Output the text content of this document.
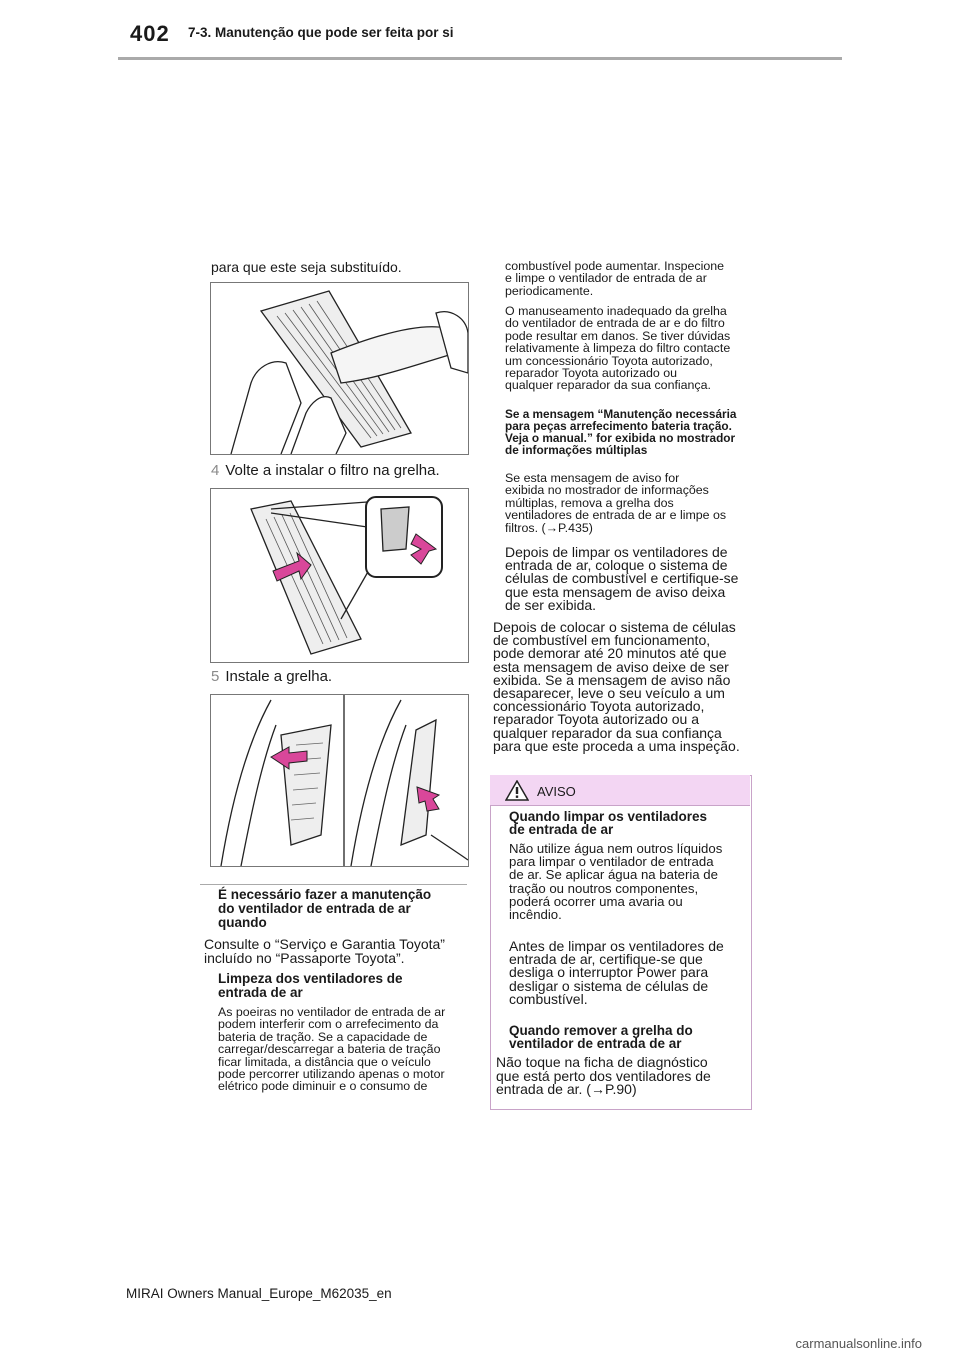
402 7-3. Manutenção que pode ser feita por si
para que este seja substituído.
4 Volte a instalar o filtro na grelha.
5 Instale a grelha.
É necessário fazer a manutenção
do ventilador de entrada de ar
quando
Consulte o “Serviço e Garantia Toyota”
incluído no “Passaporte Toyota”.
Limpeza dos ventiladores de
entrada de ar
As poeiras no ventilador de entrada de ar
podem interferir com o arrefecimento da
bateria de tração. Se a capacidade de
carregar/descarregar a bateria de tração
ficar limitada, a distância que o veículo
pode percorrer utilizando apenas o motor
elétrico pode diminuir e o consumo de
combustível pode aumentar. Inspecione
e limpe o ventilador de entrada de ar
periodicamente.
O manuseamento inadequado da grelha
do ventilador de entrada de ar e do filtro
pode resultar em danos. Se tiver dúvidas
relativamente à limpeza do filtro contacte
um concessionário Toyota autorizado,
reparador Toyota autorizado ou
qualquer reparador da sua confiança.
Se a mensagem “Manutenção necessária
para peças arrefecimento bateria tração.
Veja o manual.” for exibida no mostrador
de informações múltiplas
Se esta mensagem de aviso for
exibida no mostrador de informações
múltiplas, remova a grelha dos
ventiladores de entrada de ar e limpe os
filtros. (→P.435)
Depois de limpar os ventiladores de
entrada de ar, coloque o sistema de
células de combustível e certifique-se
que esta mensagem de aviso deixa
de ser exibida.
Depois de colocar o sistema de células
de combustível em funcionamento,
pode demorar até 20 minutos até que
esta mensagem de aviso deixe de ser
exibida. Se a mensagem de aviso não
desaparecer, leve o seu veículo a um
concessionário Toyota autorizado,
reparador Toyota autorizado ou a
qualquer reparador da sua confiança
para que este proceda a uma inspeção.
AVISO
Quando limpar os ventiladores
de entrada de ar
Não utilize água nem outros líquidos
para limpar o ventilador de entrada
de ar. Se aplicar água na bateria de
tração ou noutros componentes,
poderá ocorrer uma avaria ou
incêndio.
Antes de limpar os ventiladores de
entrada de ar, certifique-se que
desliga o interruptor Power para
desligar o sistema de células de
combustível.
Quando remover a grelha do
ventilador de entrada de ar
Não toque na ficha de diagnóstico
que está perto dos ventiladores de
entrada de ar. (→P.90)
MIRAI Owners Manual_Europe_M62035_en
carmanualsonline.info
